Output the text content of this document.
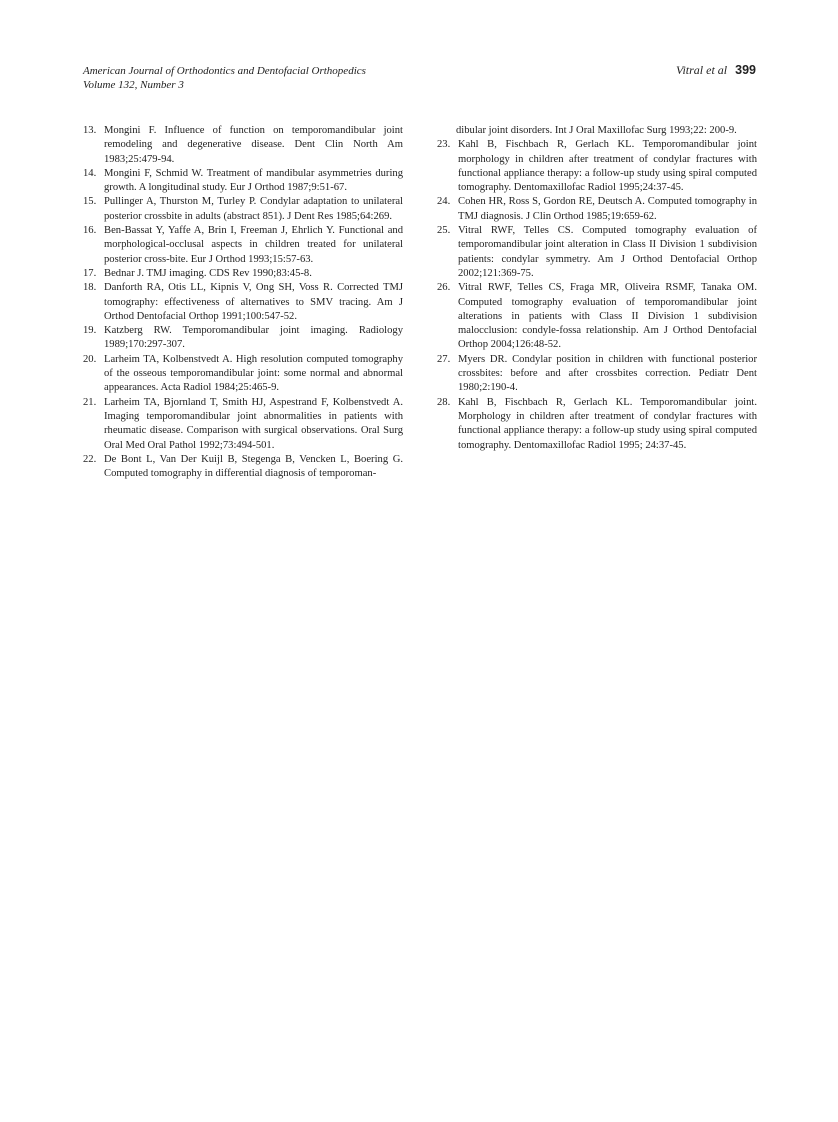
American Journal of Orthodontics and Dentofacial Orthopedics
Volume 132, Number 3
Vitral et al 399

13. Mongini F. Influence of function on temporomandibular joint remodeling and degenerative disease. Dent Clin North Am 1983;25:479-94.

14. Mongini F, Schmid W. Treatment of mandibular asymmetries during growth. A longitudinal study. Eur J Orthod 1987;9:51-67.

15. Pullinger A, Thurston M, Turley P. Condylar adaptation to unilateral posterior crossbite in adults (abstract 851). J Dent Res 1985;64:269.

16. Ben-Bassat Y, Yaffe A, Brin I, Freeman J, Ehrlich Y. Functional and morphological-occlusal aspects in children treated for unilateral posterior cross-bite. Eur J Orthod 1993;15:57-63.

17. Bednar J. TMJ imaging. CDS Rev 1990;83:45-8.

18. Danforth RA, Otis LL, Kipnis V, Ong SH, Voss R. Corrected TMJ tomography: effectiveness of alternatives to SMV tracing. Am J Orthod Dentofacial Orthop 1991;100:547-52.

19. Katzberg RW. Temporomandibular joint imaging. Radiology 1989;170:297-307.

20. Larheim TA, Kolbenstvedt A. High resolution computed tomography of the osseous temporomandibular joint: some normal and abnormal appearances. Acta Radiol 1984;25:465-9.

21. Larheim TA, Bjornland T, Smith HJ, Aspestrand F, Kolbenstvedt A. Imaging temporomandibular joint abnormalities in patients with rheumatic disease. Comparison with surgical observations. Oral Surg Oral Med Oral Pathol 1992;73:494-501.

22. De Bont L, Van Der Kuijl B, Stegenga B, Vencken L, Boering G. Computed tomography in differential diagnosis of temporoman-

dibular joint disorders. Int J Oral Maxillofac Surg 1993;22: 200-9.

23. Kahl B, Fischbach R, Gerlach KL. Temporomandibular joint morphology in children after treatment of condylar fractures with functional appliance therapy: a follow-up study using spiral computed tomography. Dentomaxillofac Radiol 1995;24:37-45.

24. Cohen HR, Ross S, Gordon RE, Deutsch A. Computed tomography in TMJ diagnosis. J Clin Orthod 1985;19:659-62.

25. Vitral RWF, Telles CS. Computed tomography evaluation of temporomandibular joint alteration in Class II Division 1 subdivision patients: condylar symmetry. Am J Orthod Dentofacial Orthop 2002;121:369-75.

26. Vitral RWF, Telles CS, Fraga MR, Oliveira RSMF, Tanaka OM. Computed tomography evaluation of temporomandibular joint alterations in patients with Class II Division 1 subdivision malocclusion: condyle-fossa relationship. Am J Orthod Dentofacial Orthop 2004;126:48-52.

27. Myers DR. Condylar position in children with functional posterior crossbites: before and after crossbites correction. Pediatr Dent 1980;2:190-4.

28. Kahl B, Fischbach R, Gerlach KL. Temporomandibular joint. Morphology in children after treatment of condylar fractures with functional appliance therapy: a follow-up study using spiral computed tomography. Dentomaxillofac Radiol 1995; 24:37-45.
